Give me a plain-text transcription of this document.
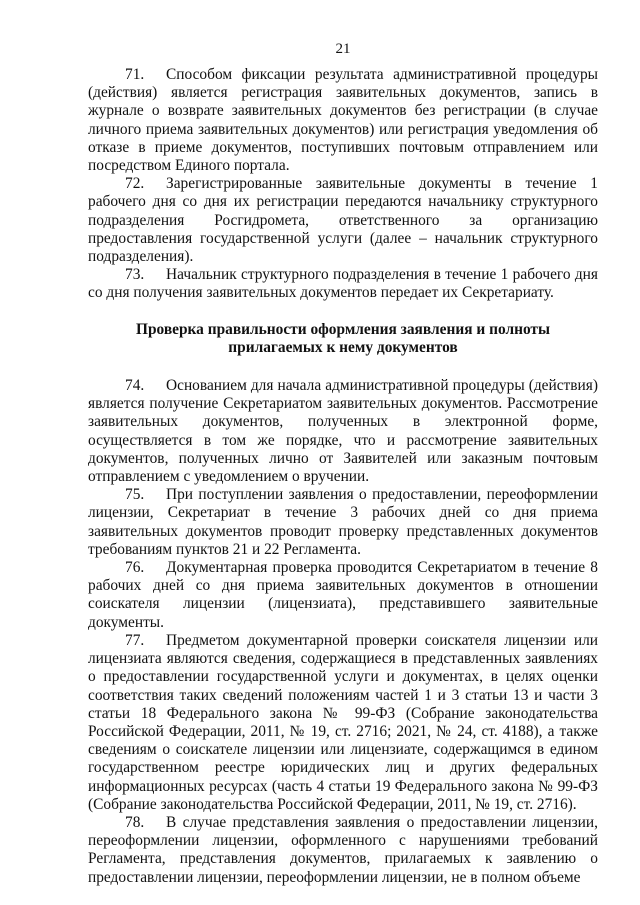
21

71. Способом фиксации результата административной процедуры (действия) является регистрация заявительных документов, запись в журнале о возврате заявительных документов без регистрации (в случае личного приема заявительных документов) или регистрация уведомления об отказе в приеме документов, поступивших почтовым отправлением или посредством Единого портала.

72. Зарегистрированные заявительные документы в течение 1 рабочего дня со дня их регистрации передаются начальнику структурного подразделения Росгидромета, ответственного за организацию предоставления государственной услуги (далее – начальник структурного подразделения).

73. Начальник структурного подразделения в течение 1 рабочего дня со дня получения заявительных документов передает их Секретариату.

Проверка правильности оформления заявления и полноты
прилагаемых к нему документов

74. Основанием для начала административной процедуры (действия) является получение Секретариатом заявительных документов. Рассмотрение заявительных документов, полученных в электронной форме, осуществляется в том же порядке, что и рассмотрение заявительных документов, полученных лично от Заявителей или заказным почтовым отправлением с уведомлением о вручении.

75. При поступлении заявления о предоставлении, переоформлении лицензии, Секретариат в течение 3 рабочих дней со дня приема заявительных документов проводит проверку представленных документов требованиям пунктов 21 и 22 Регламента.

76. Документарная проверка проводится Секретариатом в течение 8 рабочих дней со дня приема заявительных документов в отношении соискателя лицензии (лицензиата), представившего заявительные документы.

77. Предметом документарной проверки соискателя лицензии или лицензиата являются сведения, содержащиеся в представленных заявлениях о предоставлении государственной услуги и документах, в целях оценки соответствия таких сведений положениям частей 1 и 3 статьи 13 и части 3 статьи 18 Федерального закона № 99-ФЗ (Собрание законодательства Российской Федерации, 2011, № 19, ст. 2716; 2021, № 24, ст. 4188), а также сведениям о соискателе лицензии или лицензиате, содержащимся в едином государственном реестре юридических лиц и других федеральных информационных ресурсах (часть 4 статьи 19 Федерального закона № 99-ФЗ (Собрание законодательства Российской Федерации, 2011, № 19, ст. 2716).

78. В случае представления заявления о предоставлении лицензии, переоформлении лицензии, оформленного с нарушениями требований Регламента, представления документов, прилагаемых к заявлению о предоставлении лицензии, переоформлении лицензии, не в полном объеме
